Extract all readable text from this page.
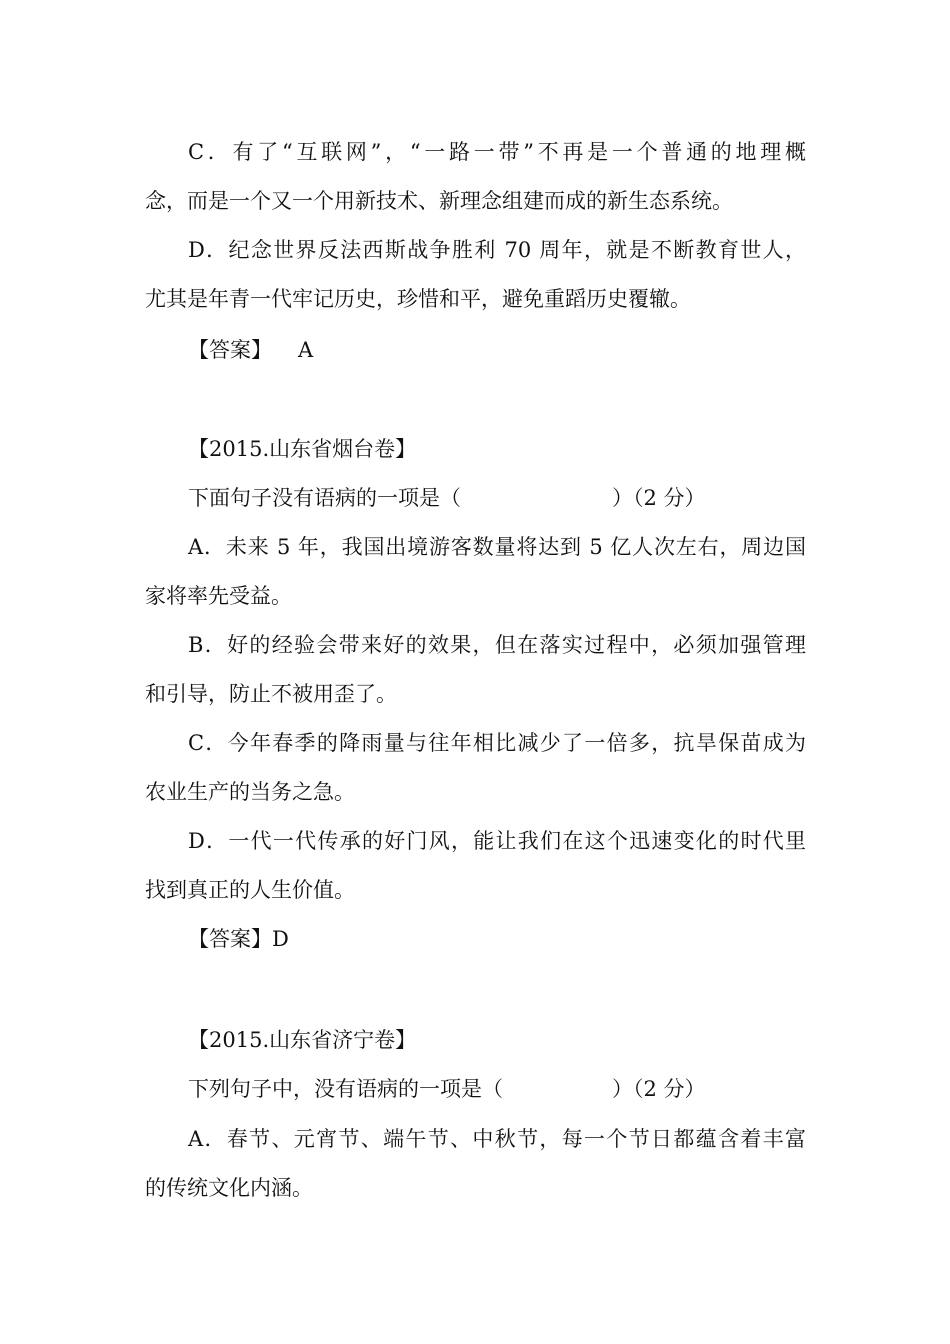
C．有了“互联网”，“一路一带”不再是一个普通的地理概
念，而是一个又一个用新技术、新理念组建而成的新生态系统。
D．纪念世界反法西斯战争胜利 70 周年，就是不断教育世人，
尤其是年青一代牢记历史，珍惜和平，避免重蹈历史覆辙。
【答案】 A
【2015.山东省烟台卷】
下面句子没有语病的一项是（	）（2 分）
A．未来 5 年，我国出境游客数量将达到 5 亿人次左右，周边国
家将率先受益。
B．好的经验会带来好的效果，但在落实过程中，必须加强管理
和引导，防止不被用歪了。
C．今年春季的降雨量与往年相比减少了一倍多，抗旱保苗成为
农业生产的当务之急。
D．一代一代传承的好门风，能让我们在这个迅速变化的时代里
找到真正的人生价值。
【答案】D
【2015.山东省济宁卷】
下列句子中，没有语病的一项是（	）（2 分）
A．春节、元宵节、端午节、中秋节，每一个节日都蕴含着丰富
的传统文化内涵。
